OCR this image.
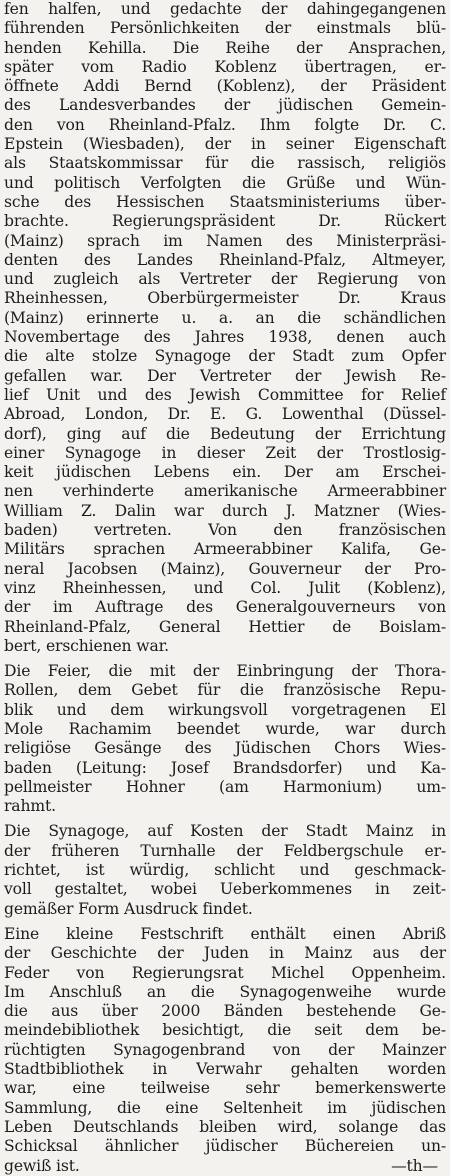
fen halfen, und gedachte der dahingegangenen
führenden Persönlichkeiten der einstmals blü-
henden Kehilla. Die Reihe der Ansprachen,
später vom Radio Koblenz übertragen, er-
öffnete Addi Bernd (Koblenz), der Präsident
des Landesverbandes der jüdischen Gemein-
den von Rheinland-Pfalz. Ihm folgte Dr. C.
Epstein (Wiesbaden), der in seiner Eigenschaft
als Staatskommissar für die rassisch, religiös
und politisch Verfolgten die Grüße und Wün-
sche des Hessischen Staatsministeriums über-
brachte. Regierungspräsident Dr. Rückert
(Mainz) sprach im Namen des Ministerpräsi-
denten des Landes Rheinland-Pfalz, Altmeyer,
und zugleich als Vertreter der Regierung von
Rheinhessen, Oberbürgermeister Dr. Kraus
(Mainz) erinnerte u. a. an die schändlichen
Novembertage des Jahres 1938, denen auch
die alte stolze Synagoge der Stadt zum Opfer
gefallen war. Der Vertreter der Jewish Re-
lief Unit und des Jewish Committee for Relief
Abroad, London, Dr. E. G. Lowenthal (Düssel-
dorf), ging auf die Bedeutung der Errichtung
einer Synagoge in dieser Zeit der Trostlosig-
keit jüdischen Lebens ein. Der am Erschei-
nen verhinderte amerikanische Armeerabbiner
William Z. Dalin war durch J. Matzner (Wies-
baden) vertreten. Von den französischen
Militärs sprachen Armeerabbiner Kalifa, Ge-
neral Jacobsen (Mainz), Gouverneur der Pro-
vinz Rheinhessen, und Col. Julit (Koblenz),
der im Auftrage des Generalgouverneurs von
Rheinland-Pfalz, General Hettier de Boislam-
bert, erschienen war.
Die Feier, die mit der Einbringung der Thora-
Rollen, dem Gebet für die französische Repu-
blik und dem wirkungsvoll vorgetragenen El
Mole Rachamim beendet wurde, war durch
religiöse Gesänge des Jüdischen Chors Wies-
baden (Leitung: Josef Brandsdorfer) und Ka-
pellmeister Hohner (am Harmonium) um-
rahmt.
Die Synagoge, auf Kosten der Stadt Mainz in
der früheren Turnhalle der Feldbergschule er-
richtet, ist würdig, schlicht und geschmack-
voll gestaltet, wobei Ueberkommenes in zeit-
gemäßer Form Ausdruck findet.
Eine kleine Festschrift enthält einen Abriß
der Geschichte der Juden in Mainz aus der
Feder von Regierungsrat Michel Oppenheim.
Im Anschluß an die Synagogenweihe wurde
die aus über 2000 Bänden bestehende Ge-
meindebibliothek besichtigt, die seit dem be-
rüchtigten Synagogenbrand von der Mainzer
Stadtbibliothek in Verwahr gehalten worden
war, eine teilweise sehr bemerkenswerte
Sammlung, die eine Seltenheit im jüdischen
Leben Deutschlands bleiben wird, solange das
Schicksal ähnlicher jüdischer Büchereien un-
gewiß ist.	—th—
